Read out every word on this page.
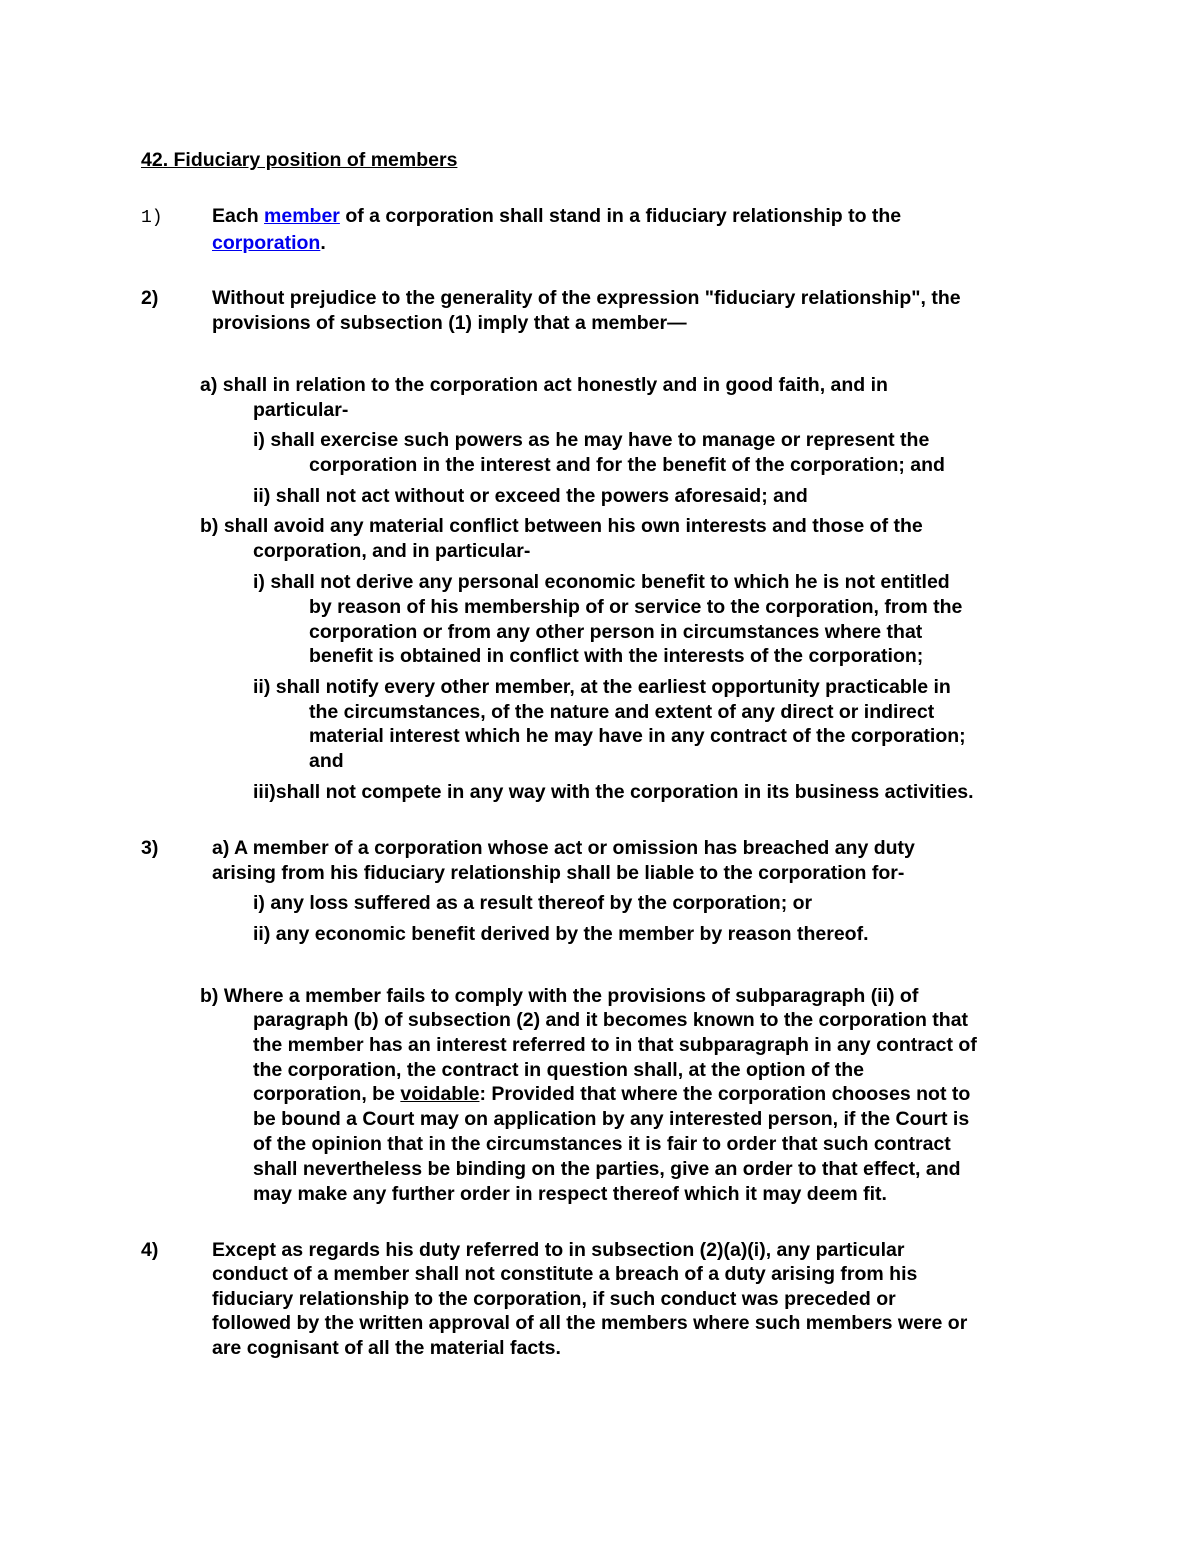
42. Fiduciary position of members
1)	Each member of a corporation shall stand in a fiduciary relationship to the
corporation.
2)	Without prejudice to the generality of the expression "fiduciary relationship", the
provisions of subsection (1) imply that a member—
a) shall in relation to the corporation act honestly and in good faith, and in
particular-
i) shall exercise such powers as he may have to manage or represent the
corporation in the interest and for the benefit of the corporation; and
ii) shall not act without or exceed the powers aforesaid; and
b) shall avoid any material conflict between his own interests and those of the
corporation, and in particular-
i) shall not derive any personal economic benefit to which he is not entitled
by reason of his membership of or service to the corporation, from the
corporation or from any other person in circumstances where that
benefit is obtained in conflict with the interests of the corporation;
ii) shall notify every other member, at the earliest opportunity practicable in
the circumstances, of the nature and extent of any direct or indirect
material interest which he may have in any contract of the corporation;
and
iii)shall not compete in any way with the corporation in its business activities.
3)	a) A member of a corporation whose act or omission has breached any duty
arising from his fiduciary relationship shall be liable to the corporation for-
i) any loss suffered as a result thereof by the corporation; or
ii) any economic benefit derived by the member by reason thereof.
b) Where a member fails to comply with the provisions of subparagraph (ii) of
paragraph (b) of subsection (2) and it becomes known to the corporation that
the member has an interest referred to in that subparagraph in any contract of
the corporation, the contract in question shall, at the option of the
corporation, be voidable: Provided that where the corporation chooses not to
be bound a Court may on application by any interested person, if the Court is
of the opinion that in the circumstances it is fair to order that such contract
shall nevertheless be binding on the parties, give an order to that effect, and
may make any further order in respect thereof which it may deem fit.
4)	Except as regards his duty referred to in subsection (2)(a)(i), any particular
conduct of a member shall not constitute a breach of a duty arising from his
fiduciary relationship to the corporation, if such conduct was preceded or
followed by the written approval of all the members where such members were or
are cognisant of all the material facts.
